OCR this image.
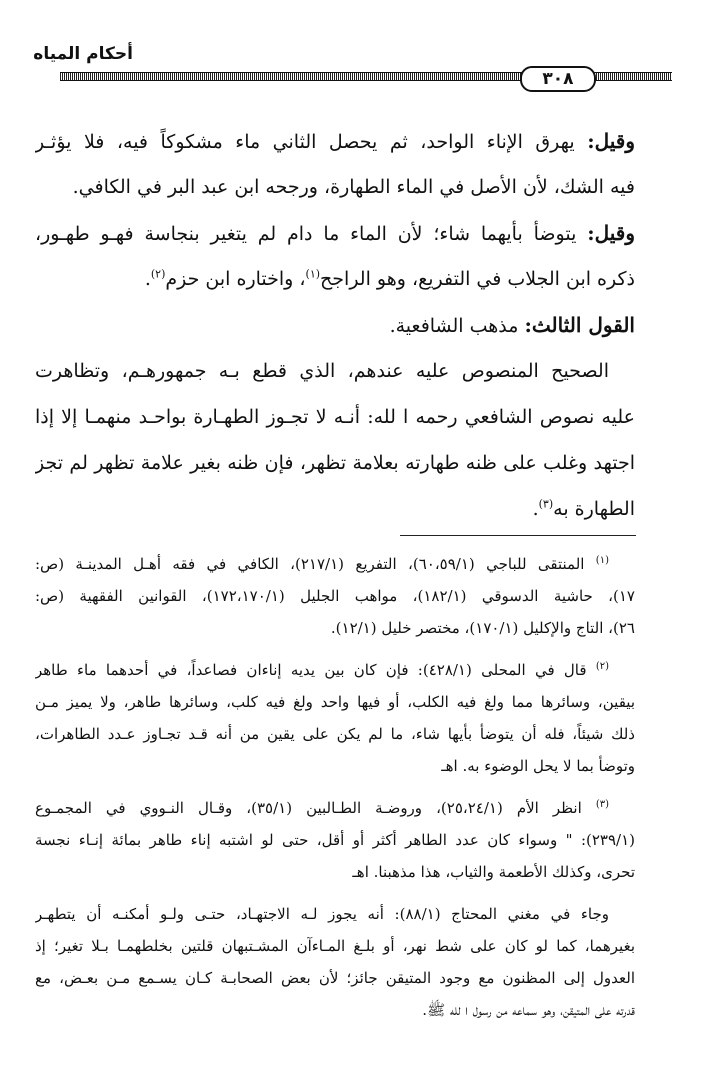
أحكام المياه
٣٠٨
وقيل: يهرق الإناء الواحد، ثم يحصل الثاني ماء مشكوكاً فيه، فلا يؤثـر
فيه الشك، لأن الأصل في الماء الطهارة، ورجحه ابن عبد البر في الكافي.
وقيل: يتوضأ بأيهما شاء؛ لأن الماء ما دام لم يتغير بنجاسة فهـو طهـور،
ذكره ابن الجلاب في التفريع، وهو الراجح$^{(١)}$، واختاره ابن حزم$^{(٢)}$.
القول الثالث: مذهب الشافعية.
الصحيح المنصوص عليه عندهم، الذي قطع بـه جمهورهـم، وتظاهرت
عليه نصوص الشافعي رحمه ا لله: أنـه لا تجـوز الطهـارة بواحـد منهمـا إلا إذا
اجتهد وغلب على ظنه طهارته بعلامة تظهر، فإن ظنه بغير علامة تظهر لم تجز
الطهارة به$^{(٣)}$.
$^{(١)}$ المنتقى للباجي (٦٠،٥٩/١)، التفريع (٢١٧/١)، الكافي في فقه أهـل المدينـة (ص:
١٧)، حاشية الدسوقي (١٨٢/١)، مواهب الجليل (١٧٢،١٧٠/١)، القوانين الفقهية (ص:
٢٦)، التاج والإكليل (١٧٠/١)، مختصر خليل (١٢/١).
$^{(٢)}$ قال في المحلى (٤٢٨/١): فإن كان بين يديه إناءان فصاعداً، في أحدهما ماء طاهر
بيقين، وسائرها مما ولغ فيه الكلب، أو فيها واحد ولغ فيه كلب، وسائرها طاهر، ولا يميز مـن
ذلك شيئاً، فله أن يتوضأ بأيها شاء، ما لم يكن على يقين من أنه قـد تجـاوز عـدد الطاهرات،
وتوضأ بما لا يحل الوضوء به. اهـ
$^{(٣)}$ انظر الأم (٢٥،٢٤/١)، وروضـة الطـالبين (٣٥/١)، وقـال النـووي في المجمـوع
(٢٣٩/١): " وسواء كان عدد الطاهر أكثر أو أقل، حتى لو اشتبه إناء طاهر بمائة إنـاء نجسة
تحرى، وكذلك الأطعمة والثياب، هذا مذهبنا. اهـ
وجاء في مغني المحتاج (٨٨/١): أنه يجوز لـه الاجتهـاد، حتـى ولـو أمكنـه أن يتطهـر
بغيرهما، كما لو كان على شط نهر، أو بلـغ المـاءآن المشـتبهان قلتين بخلطهمـا بـلا تغير؛ إذ
العدول إلى المظنون مع وجود المتيقن جائز؛ لأن بعض الصحابـة كـان يسـمع مـن بعـض، مع
قدرته على المتيقن، وهو سماعه من رسول ا لله ﷺ.
